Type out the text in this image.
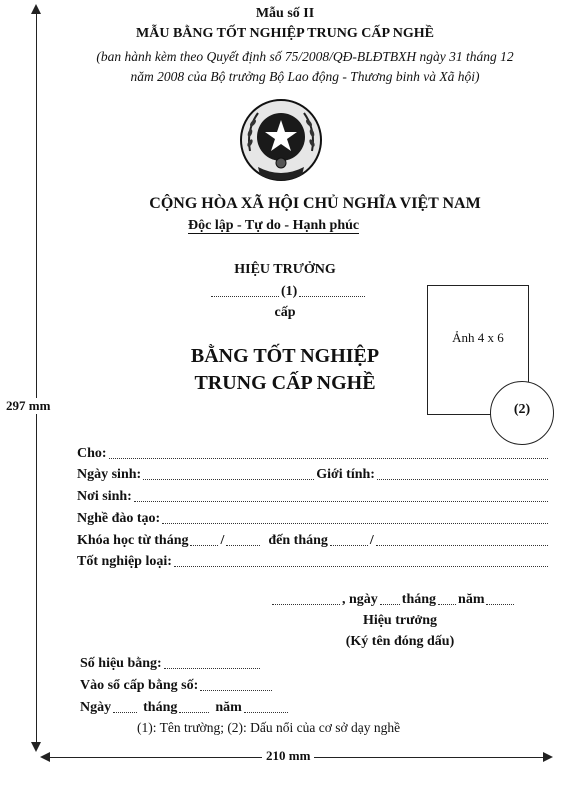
297 mm
210 mm
Mẫu số II
MẪU BẰNG TỐT NGHIỆP TRUNG CẤP NGHỀ
(ban hành kèm theo Quyết định số 75/2008/QĐ-BLĐTBXH ngày 31 tháng 12
năm 2008 của Bộ trưởng Bộ Lao động - Thương binh và Xã hội)
CỘNG HÒA XÃ HỘI CHỦ NGHĨA VIỆT NAM
Độc lập - Tự do - Hạnh phúc
HIỆU TRƯỞNG
(1)
cấp
BẰNG TỐT NGHIỆP
TRUNG CẤP NGHỀ
Ảnh 4 x 6
(2)
Cho:
Ngày sinh:	Giới tính:
Nơi sinh:
Nghề đào tạo:
Khóa học từ tháng /	đến tháng	/
Tốt nghiệp loại:
, ngày tháng năm
Hiệu trưởng
(Ký tên đóng dấu)
Số hiệu bằng:
Vào sổ cấp bằng số:
Ngày tháng	năm
(1): Tên trường; (2): Dấu nổi của cơ sở dạy nghề
